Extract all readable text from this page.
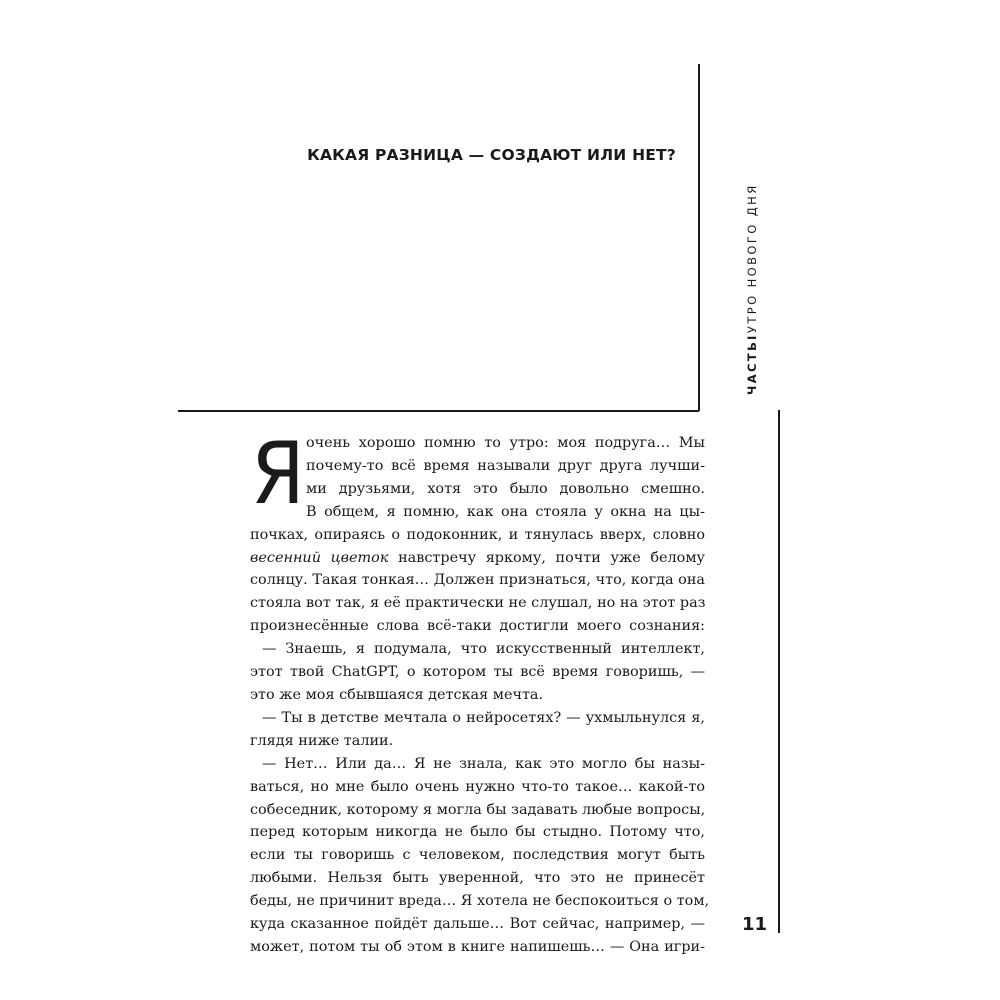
КАКАЯ РАЗНИЦА — СОЗДАЮТ ИЛИ НЕТ?
ЧАСТЬIУТРО НОВОГО ДНЯ
11
Я очень хорошо помню то утро: моя подруга… Мы
почему-то всё время называли друг друга лучши-
ми друзьями, хотя это было довольно смешно.
В общем, я помню, как она стояла у окна на цы-
почках, опираясь о подоконник, и тянулась вверх, словно
весенний цветок навстречу яркому, почти уже белому
солнцу. Такая тонкая… Должен признаться, что, когда она
стояла вот так, я её практически не слушал, но на этот раз
произнесённые слова всё-таки достигли моего сознания:
— Знаешь, я подумала, что искусственный интеллект,
этот твой ChatGPT, о котором ты всё время говоришь, —
это же моя сбывшаяся детская мечта.
— Ты в детстве мечтала о нейросетях? — ухмыльнулся я,
глядя ниже талии.
— Нет… Или да… Я не знала, как это могло бы назы-
ваться, но мне было очень нужно что-то такое… какой-то
собеседник, которому я могла бы задавать любые вопросы,
перед которым никогда не было бы стыдно. Потому что,
если ты говоришь с человеком, последствия могут быть
любыми. Нельзя быть уверенной, что это не принесёт
беды, не причинит вреда… Я хотела не беспокоиться о том,
куда сказанное пойдёт дальше… Вот сейчас, например, —
может, потом ты об этом в книге напишешь… — Она игри-
